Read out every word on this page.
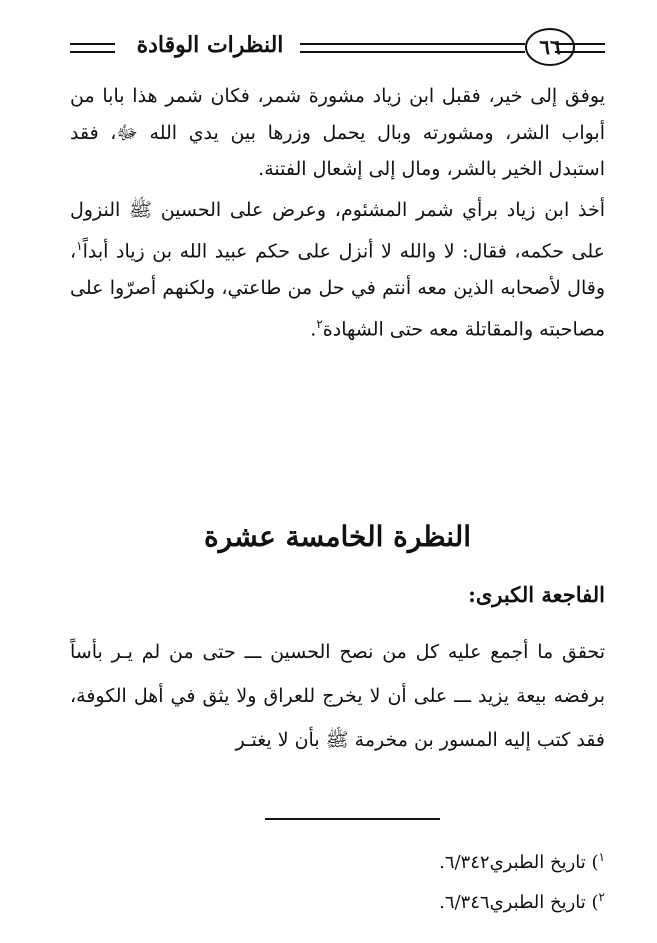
٦٦
النظرات الوقادة

يوفق إلى خير، فقبل ابن زياد مشورة شمر، فكان شمر هذا بابا من أبواب الشر، ومشورته وبال يحمل وزرها بين يدي الله ﷻ، فقد استبدل الخير بالشر، ومال إلى إشعال الفتنة.

أخذ ابن زياد برأي شمر المشئوم، وعرض على الحسين ﷺ النزول على حكمه، فقال: لا والله لا أنزل على حكم عبيد الله بن زياد أبداً$^١$، وقال لأصحابه الذين معه أنتم في حل من طاعتي، ولكنهم أصرّوا على مصاحبته والمقاتلة معه حتى الشهادة$^٢$.

النظرة الخامسة عشرة
الفاجعة الكبرى:

تحقق ما أجمع عليه كل من نصح الحسين ـــ حتى من لم يـر بأساً برفضه بيعة يزيد ـــ على أن لا يخرج للعراق ولا يثق في أهل الكوفة، فقد كتب إليه المسور بن مخرمة ﷺ بأن لا يغتـر

$^١$) تاريخ الطبري٦/٣٤٢.
$^٢$) تاريخ الطبري٦/٣٤٦.
